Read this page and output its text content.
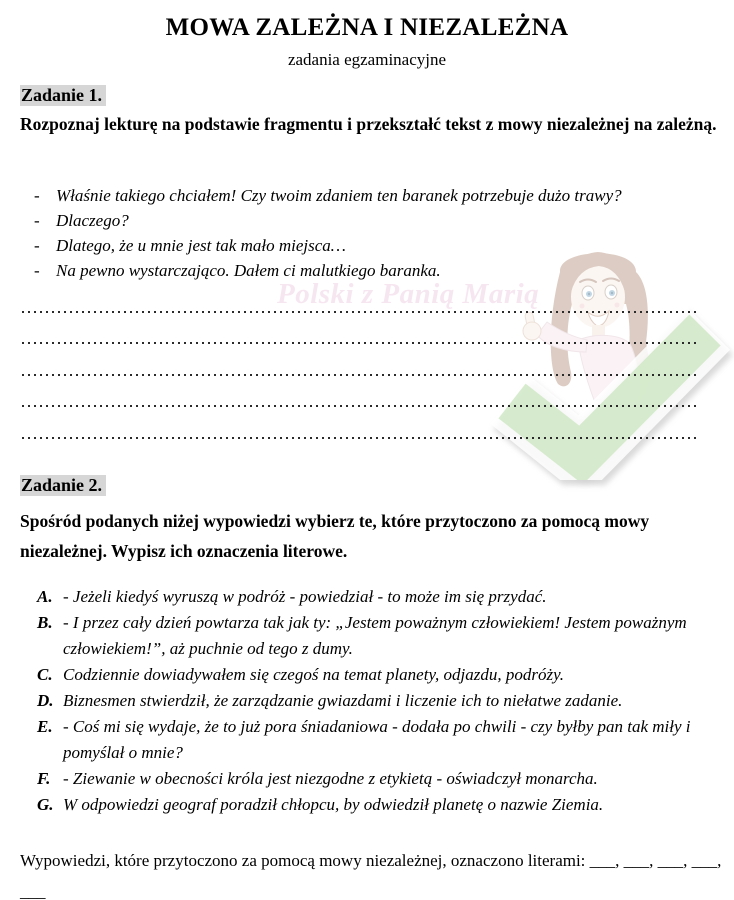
Polski z Panią Marią
MOWA ZALEŻNA I NIEZALEŻNA
zadania egzaminacyjne
Zadanie 1.
Rozpoznaj lekturę na podstawie fragmentu i przekształć tekst z mowy niezależnej na zależną.
- Właśnie takiego chciałem! Czy twoim zdaniem ten baranek potrzebuje dużo trawy?
- Dlaczego?
- Dlatego, że u mnie jest tak mało miejsca…
- Na pewno wystarczająco. Dałem ci malutkiego baranka.
Zadanie 2.
Spośród podanych niżej wypowiedzi wybierz te, które przytoczono za pomocą mowy niezależnej. Wypisz ich oznaczenia literowe.
A. - Jeżeli kiedyś wyruszą w podróż - powiedział - to może im się przydać.
B. - I przez cały dzień powtarza tak jak ty: „Jestem poważnym człowiekiem! Jestem poważnym człowiekiem!”, aż puchnie od tego z dumy.
C. Codziennie dowiadywałem się czegoś na temat planety, odjazdu, podróży.
D. Biznesmen stwierdził, że zarządzanie gwiazdami i liczenie ich to niełatwe zadanie.
E. - Coś mi się wydaje, że to już pora śniadaniowa - dodała po chwili - czy byłby pan tak miły i pomyślał o mnie?
F. - Ziewanie w obecności króla jest niezgodne z etykietą - oświadczył monarcha.
G. W odpowiedzi geograf poradził chłopcu, by odwiedził planetę o nazwie Ziemia.

Wypowiedzi, które przytoczono za pomocą mowy niezależnej, oznaczono literami: ___, ___, ___, ___, ___
